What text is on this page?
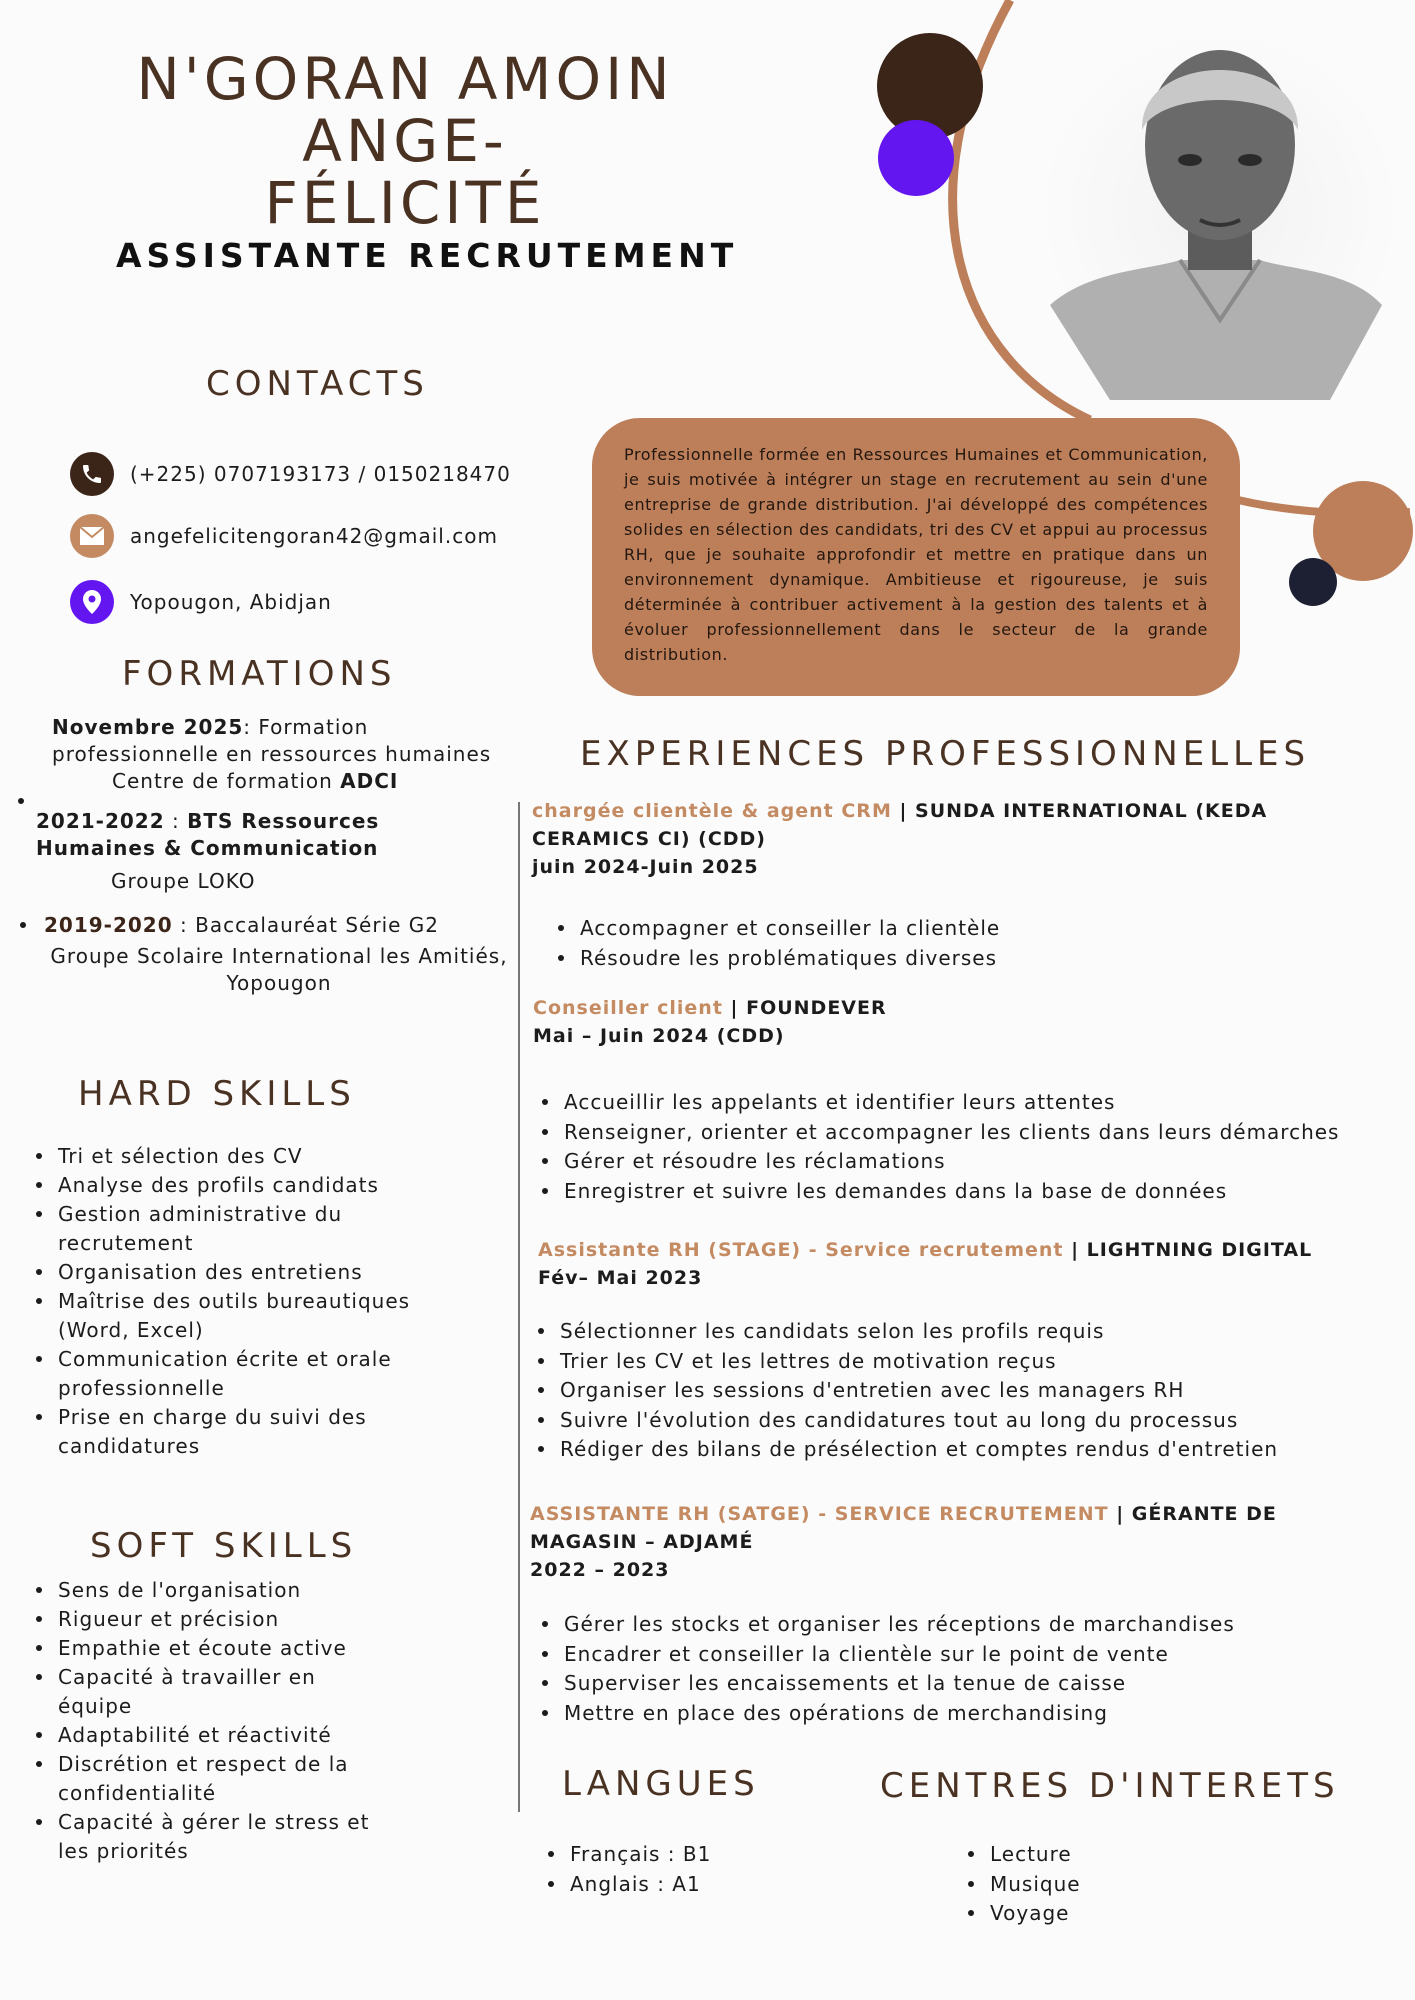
N'GORAN AMOIN ANGE-
FÉLICITÉ
ASSISTANTE RECRUTEMENT
CONTACTS
(+225) 0707193173 / 0150218470
angefelicitengoran42@gmail.com
Yopougon, Abidjan
Professionnelle formée en Ressources Humaines et Communication, je suis motivée à intégrer un stage en recrutement au sein d'une entreprise de grande distribution. J'ai développé des compétences solides en sélection des candidats, tri des CV et appui au processus RH, que je souhaite approfondir et mettre en pratique dans un environnement dynamique. Ambitieuse et rigoureuse, je suis déterminée à contribuer activement à la gestion des talents et à évoluer professionnellement dans le secteur de la grande distribution.
FORMATIONS
Novembre 2025: Formation professionnelle en ressources humaines
Centre de formation ADCI
2021-2022 : BTS Ressources Humaines & Communication
Groupe LOKO
2019-2020 : Baccalauréat Série G2
Groupe Scolaire International les Amitiés, Yopougon
HARD SKILLS
Tri et sélection des CV
Analyse des profils candidats
Gestion administrative du recrutement
Organisation des entretiens
Maîtrise des outils bureautiques (Word, Excel)
Communication écrite et orale professionnelle
Prise en charge du suivi des candidatures
SOFT SKILLS
Sens de l'organisation
Rigueur et précision
Empathie et écoute active
Capacité à travailler en équipe
Adaptabilité et réactivité
Discrétion et respect de la confidentialité
Capacité à gérer le stress et les priorités
EXPERIENCES PROFESSIONNELLES
chargée clientèle & agent CRM | SUNDA INTERNATIONAL (KEDA CERAMICS CI) (CDD)
juin 2024-Juin 2025
Accompagner et conseiller la clientèle
Résoudre les problématiques diverses
Conseiller client | FOUNDEVER
Mai – Juin 2024 (CDD)
Accueillir les appelants et identifier leurs attentes
Renseigner, orienter et accompagner les clients dans leurs démarches
Gérer et résoudre les réclamations
Enregistrer et suivre les demandes dans la base de données
Assistante RH (STAGE) - Service recrutement | LIGHTNING DIGITAL
Fév– Mai 2023
Sélectionner les candidats selon les profils requis
Trier les CV et les lettres de motivation reçus
Organiser les sessions d'entretien avec les managers RH
Suivre l'évolution des candidatures tout au long du processus
Rédiger des bilans de présélection et comptes rendus d'entretien
ASSISTANTE RH (SATGE) - SERVICE RECRUTEMENT | GÉRANTE DE MAGASIN – ADJAMÉ
2022 – 2023
Gérer les stocks et organiser les réceptions de marchandises
Encadrer et conseiller la clientèle sur le point de vente
Superviser les encaissements et la tenue de caisse
Mettre en place des opérations de merchandising
LANGUES
Français : B1
Anglais : A1
CENTRES D'INTERETS
Lecture
Musique
Voyage
